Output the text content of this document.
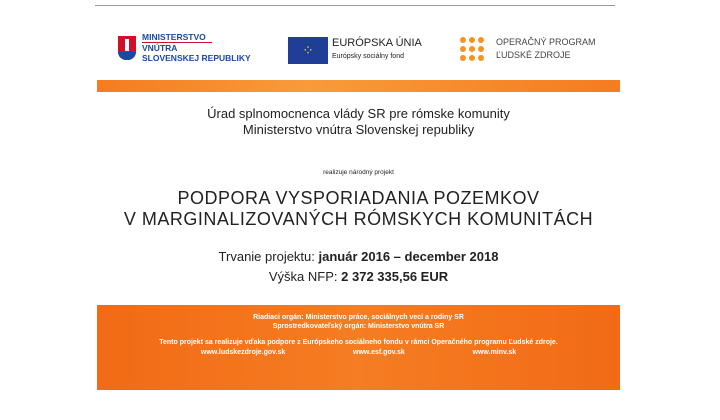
MINISTERSTVO
VNÚTRA
SLOVENSKEJ REPUBLIKY
⁘	EURÓPSKA ÚNIA
Európsky sociálny fond
OPERAČNÝ PROGRAM
ĽUDSKÉ ZDROJE
Úrad splnomocnenca vlády SR pre rómske komunity
Ministerstvo vnútra Slovenskej republiky
realizuje národný projekt
PODPORA VYSPORIADANIA POZEMKOV
V MARGINALIZOVANÝCH RÓMSKYCH KOMUNITÁCH
Trvanie projektu: január 2016 – december 2018
Výška NFP: 2 372 335,56 EUR
Riadiaci orgán: Ministerstvo práce, sociálnych vecí a rodiny SR
Sprostredkovateľský orgán: Ministerstvo vnútra SR
Tento projekt sa realizuje vďaka podpore z Európskeho sociálneho fondu v rámci Operačného programu Ľudské zdroje.
www.ludskezdroje.gov.sk	www.esf.gov.sk	www.minv.sk
